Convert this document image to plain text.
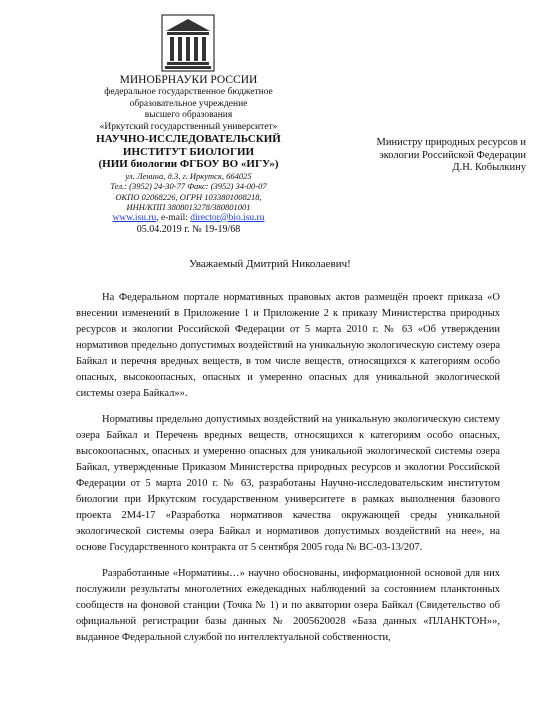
МИНОБРНАУКИ РОССИИ
федеральное государственное бюджетное
образовательное учреждение
высшего образования
«Иркутский государственный университет»
НАУЧНО-ИССЛЕДОВАТЕЛЬСКИЙ
ИНСТИТУТ БИОЛОГИИ
(НИИ биологии ФГБОУ ВО «ИГУ»)
ул. Ленина, д.3, г. Иркутск, 664025
Тел.: (3952) 24-30-77 Факс: (3952) 34-00-07
ОКПО 02068226, ОГРН 1033801008218,
ИНН/КПП 3808013278/380801001
www.isu.ru, e-mail: director@bio.isu.ru
05.04.2019 г. № 19-19/68
Министру природных ресурсов и
экологии Российской Федерации
Д.Н. Кобылкину
Уважаемый Дмитрий Николаевич!

На Федеральном портале нормативных правовых актов размещён проект приказа «О внесении изменений в Приложение 1 и Приложение 2 к приказу Министерства природных ресурсов и экологии Российской Федерации от 5 марта 2010 г. № 63 «Об утверждении нормативов предельно допустимых воздействий на уникальную экологическую систему озера Байкал и перечня вредных веществ, в том числе веществ, относящихся к категориям особо опасных, высокоопасных, опасных и умеренно опасных для уникальной экологической системы озера Байкал»».

Нормативы предельно допустимых воздействий на уникальную экологическую систему озера Байкал и Перечень вредных веществ, относящихся к категориям особо опасных, высокоопасных, опасных и умеренно опасных для уникальной экологической системы озера Байкал, утвержденные Приказом Министерства природных ресурсов и экологии Российской Федерации от 5 марта 2010 г. № 63, разработаны Научно-исследовательским институтом биологии при Иркутском государственном университете в рамках выполнения базового проекта 2М4-17 «Разработка нормативов качества окружающей среды уникальной экологической системы озера Байкал и нормативов допустимых воздействий на нее», на основе Государственного контракта от 5 сентября 2005 года № ВС-03-13/207.

Разработанные «Нормативы…» научно обоснованы, информационной основой для них послужили результаты многолетних ежедекадных наблюдений за состоянием планктонных сообществ на фоновой станции (Точка № 1) и по акватории озера Байкал (Свидетельство об официальной регистрации базы данных № 2005620028 «База данных «ПЛАНКТОН»», выданное Федеральной службой по интеллектуальной собственности,
